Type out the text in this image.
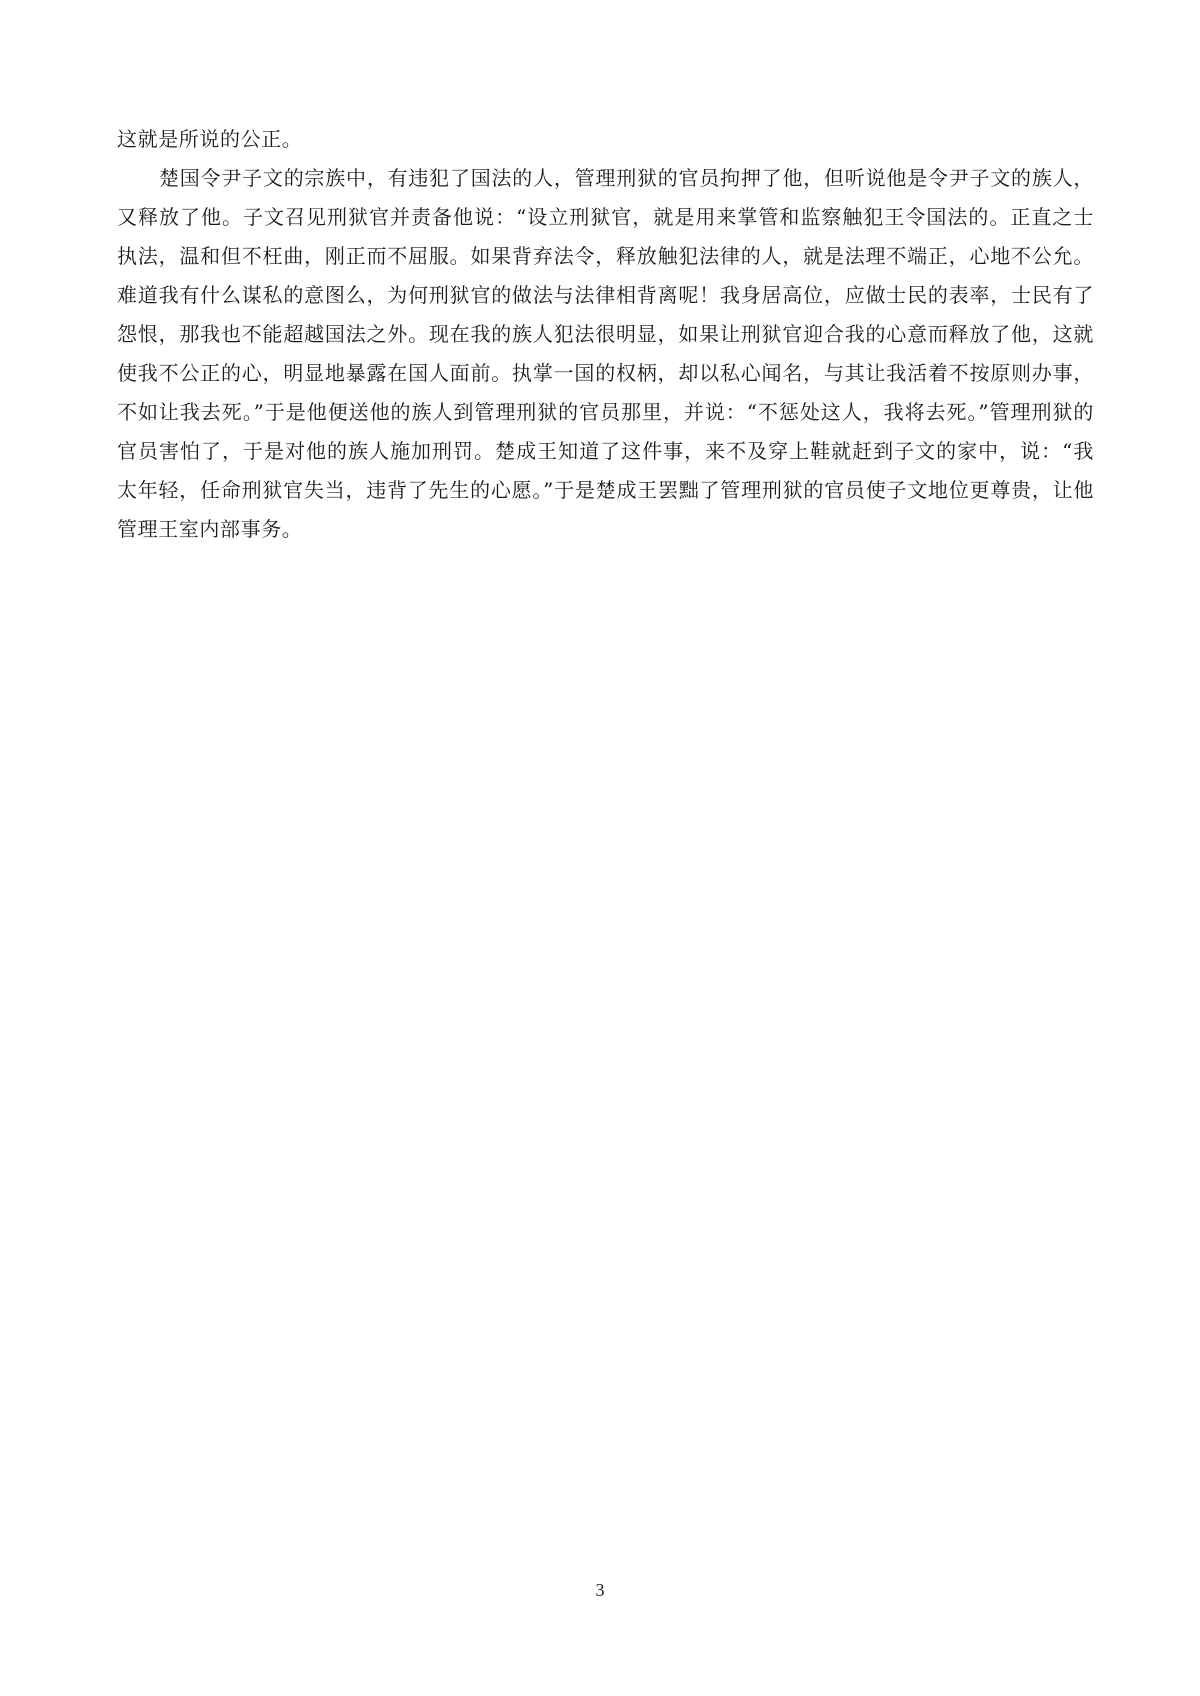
这就是所说的公正。

楚国令尹子文的宗族中，有违犯了国法的人，管理刑狱的官员拘押了他，但听说他是令尹子文的族人，又释放了他。子文召见刑狱官并责备他说：“设立刑狱官，就是用来掌管和监察触犯王令国法的。正直之士执法，温和但不枉曲，刚正而不屈服。如果背弃法令，释放触犯法律的人，就是法理不端正，心地不公允。难道我有什么谋私的意图么，为何刑狱官的做法与法律相背离呢！我身居高位，应做士民的表率，士民有了怨恨，那我也不能超越国法之外。现在我的族人犯法很明显，如果让刑狱官迎合我的心意而释放了他，这就使我不公正的心，明显地暴露在国人面前。执掌一国的权柄，却以私心闻名，与其让我活着不按原则办事，不如让我去死。”于是他便送他的族人到管理刑狱的官员那里，并说：“不惩处这人，我将去死。”管理刑狱的官员害怕了，于是对他的族人施加刑罚。楚成王知道了这件事，来不及穿上鞋就赶到子文的家中，说：“我太年轻，任命刑狱官失当，违背了先生的心愿。”于是楚成王罢黜了管理刑狱的官员使子文地位更尊贵，让他管理王室内部事务。

3
